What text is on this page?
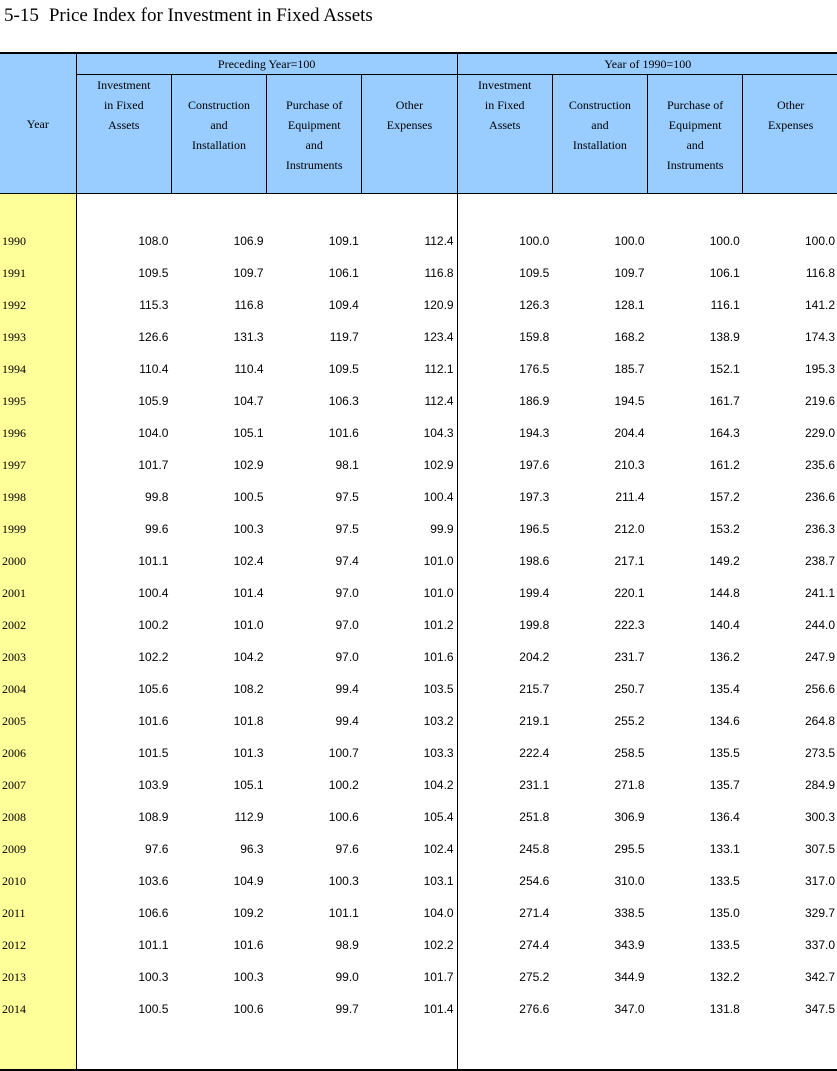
5-15 Price Index for Investment in Fixed Assets
Year	Preceding Year=100				Year of 1990=100			

	Investment
in Fixed
Assets	Construction
and
Installation	Purchase of
Equipment
and
Instruments	Other
Expenses	Investment
in Fixed
Assets	Construction
and
Installation	Purchase of
Equipment
and
Instruments	Other
Expenses

1990	108.0	106.9	109.1	112.4	100.0	100.0	100.0	100.0
1991	109.5	109.7	106.1	116.8	109.5	109.7	106.1	116.8
1992	115.3	116.8	109.4	120.9	126.3	128.1	116.1	141.2
1993	126.6	131.3	119.7	123.4	159.8	168.2	138.9	174.3
1994	110.4	110.4	109.5	112.1	176.5	185.7	152.1	195.3
1995	105.9	104.7	106.3	112.4	186.9	194.5	161.7	219.6
1996	104.0	105.1	101.6	104.3	194.3	204.4	164.3	229.0
1997	101.7	102.9	98.1	102.9	197.6	210.3	161.2	235.6
1998	99.8	100.5	97.5	100.4	197.3	211.4	157.2	236.6
1999	99.6	100.3	97.5	99.9	196.5	212.0	153.2	236.3
2000	101.1	102.4	97.4	101.0	198.6	217.1	149.2	238.7
2001	100.4	101.4	97.0	101.0	199.4	220.1	144.8	241.1
2002	100.2	101.0	97.0	101.2	199.8	222.3	140.4	244.0
2003	102.2	104.2	97.0	101.6	204.2	231.7	136.2	247.9
2004	105.6	108.2	99.4	103.5	215.7	250.7	135.4	256.6
2005	101.6	101.8	99.4	103.2	219.1	255.2	134.6	264.8
2006	101.5	101.3	100.7	103.3	222.4	258.5	135.5	273.5
2007	103.9	105.1	100.2	104.2	231.1	271.8	135.7	284.9
2008	108.9	112.9	100.6	105.4	251.8	306.9	136.4	300.3
2009	97.6	96.3	97.6	102.4	245.8	295.5	133.1	307.5
2010	103.6	104.9	100.3	103.1	254.6	310.0	133.5	317.0
2011	106.6	109.2	101.1	104.0	271.4	338.5	135.0	329.7
2012	101.1	101.6	98.9	102.2	274.4	343.9	133.5	337.0
2013	100.3	100.3	99.0	101.7	275.2	344.9	132.2	342.7
2014	100.5	100.6	99.7	101.4	276.6	347.0	131.8	347.5
